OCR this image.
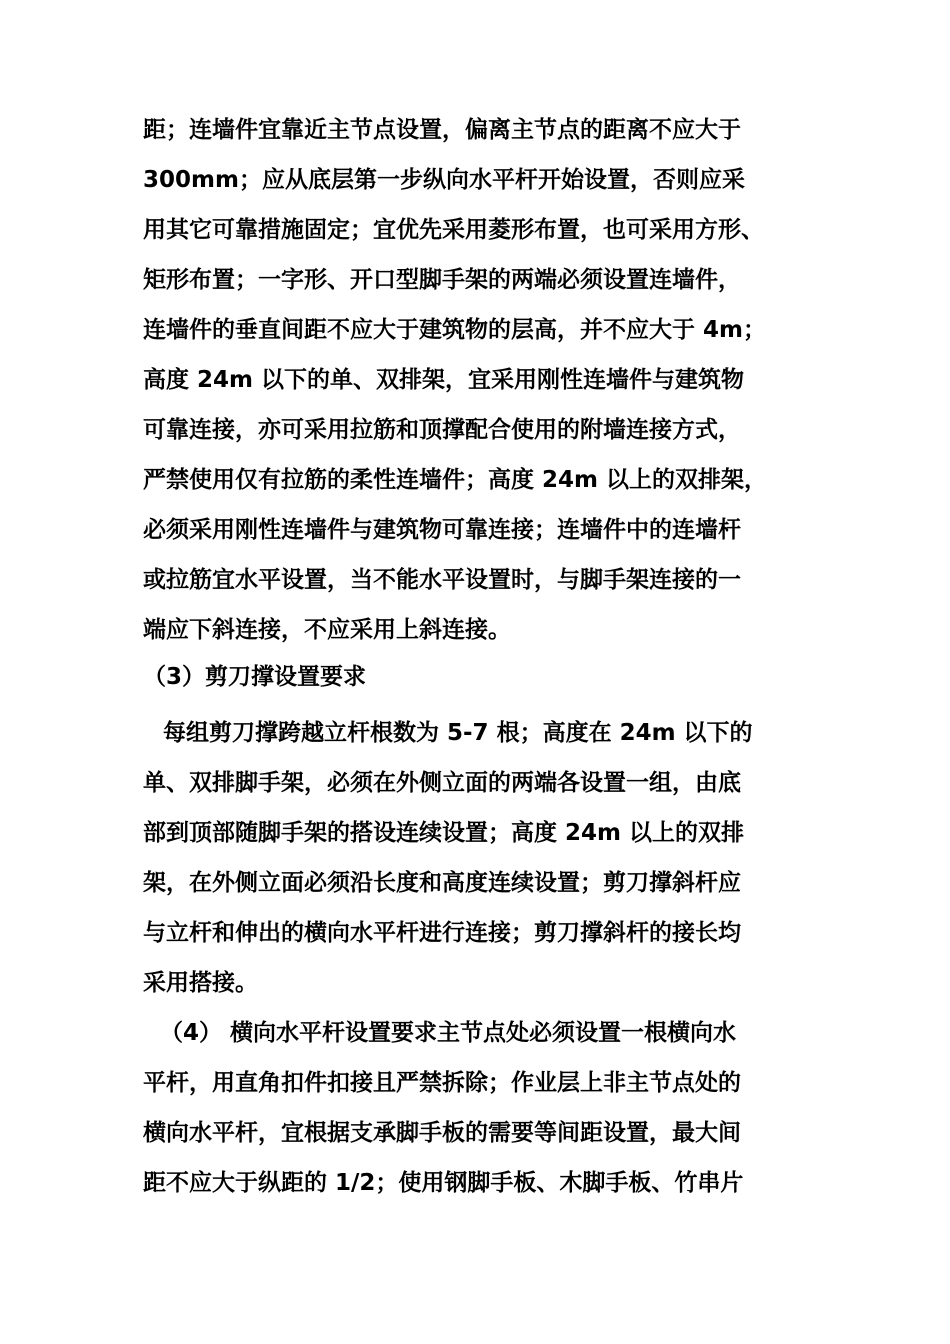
距；连墙件宜靠近主节点设置，偏离主节点的距离不应大于
300mm；应从底层第一步纵向水平杆开始设置，否则应采
用其它可靠措施固定；宜优先采用菱形布置，也可采用方形、
矩形布置；一字形、开口型脚手架的两端必须设置连墙件，
连墙件的垂直间距不应大于建筑物的层高，并不应大于 4m；
高度 24m 以下的单、双排架，宜采用刚性连墙件与建筑物
可靠连接，亦可采用拉筋和顶撑配合使用的附墙连接方式，
严禁使用仅有拉筋的柔性连墙件；高度 24m 以上的双排架，
必须采用刚性连墙件与建筑物可靠连接；连墙件中的连墙杆
或拉筋宜水平设置，当不能水平设置时，与脚手架连接的一
端应下斜连接，不应采用上斜连接。
（3）剪刀撑设置要求
每组剪刀撑跨越立杆根数为 5-7 根；高度在 24m 以下的
单、双排脚手架，必须在外侧立面的两端各设置一组，由底
部到顶部随脚手架的搭设连续设置；高度 24m 以上的双排
架，在外侧立面必须沿长度和高度连续设置；剪刀撑斜杆应
与立杆和伸出的横向水平杆进行连接；剪刀撑斜杆的接长均
采用搭接。
（4） 横向水平杆设置要求主节点处必须设置一根横向水
平杆，用直角扣件扣接且严禁拆除；作业层上非主节点处的
横向水平杆，宜根据支承脚手板的需要等间距设置，最大间
距不应大于纵距的 1/2；使用钢脚手板、木脚手板、竹串片
